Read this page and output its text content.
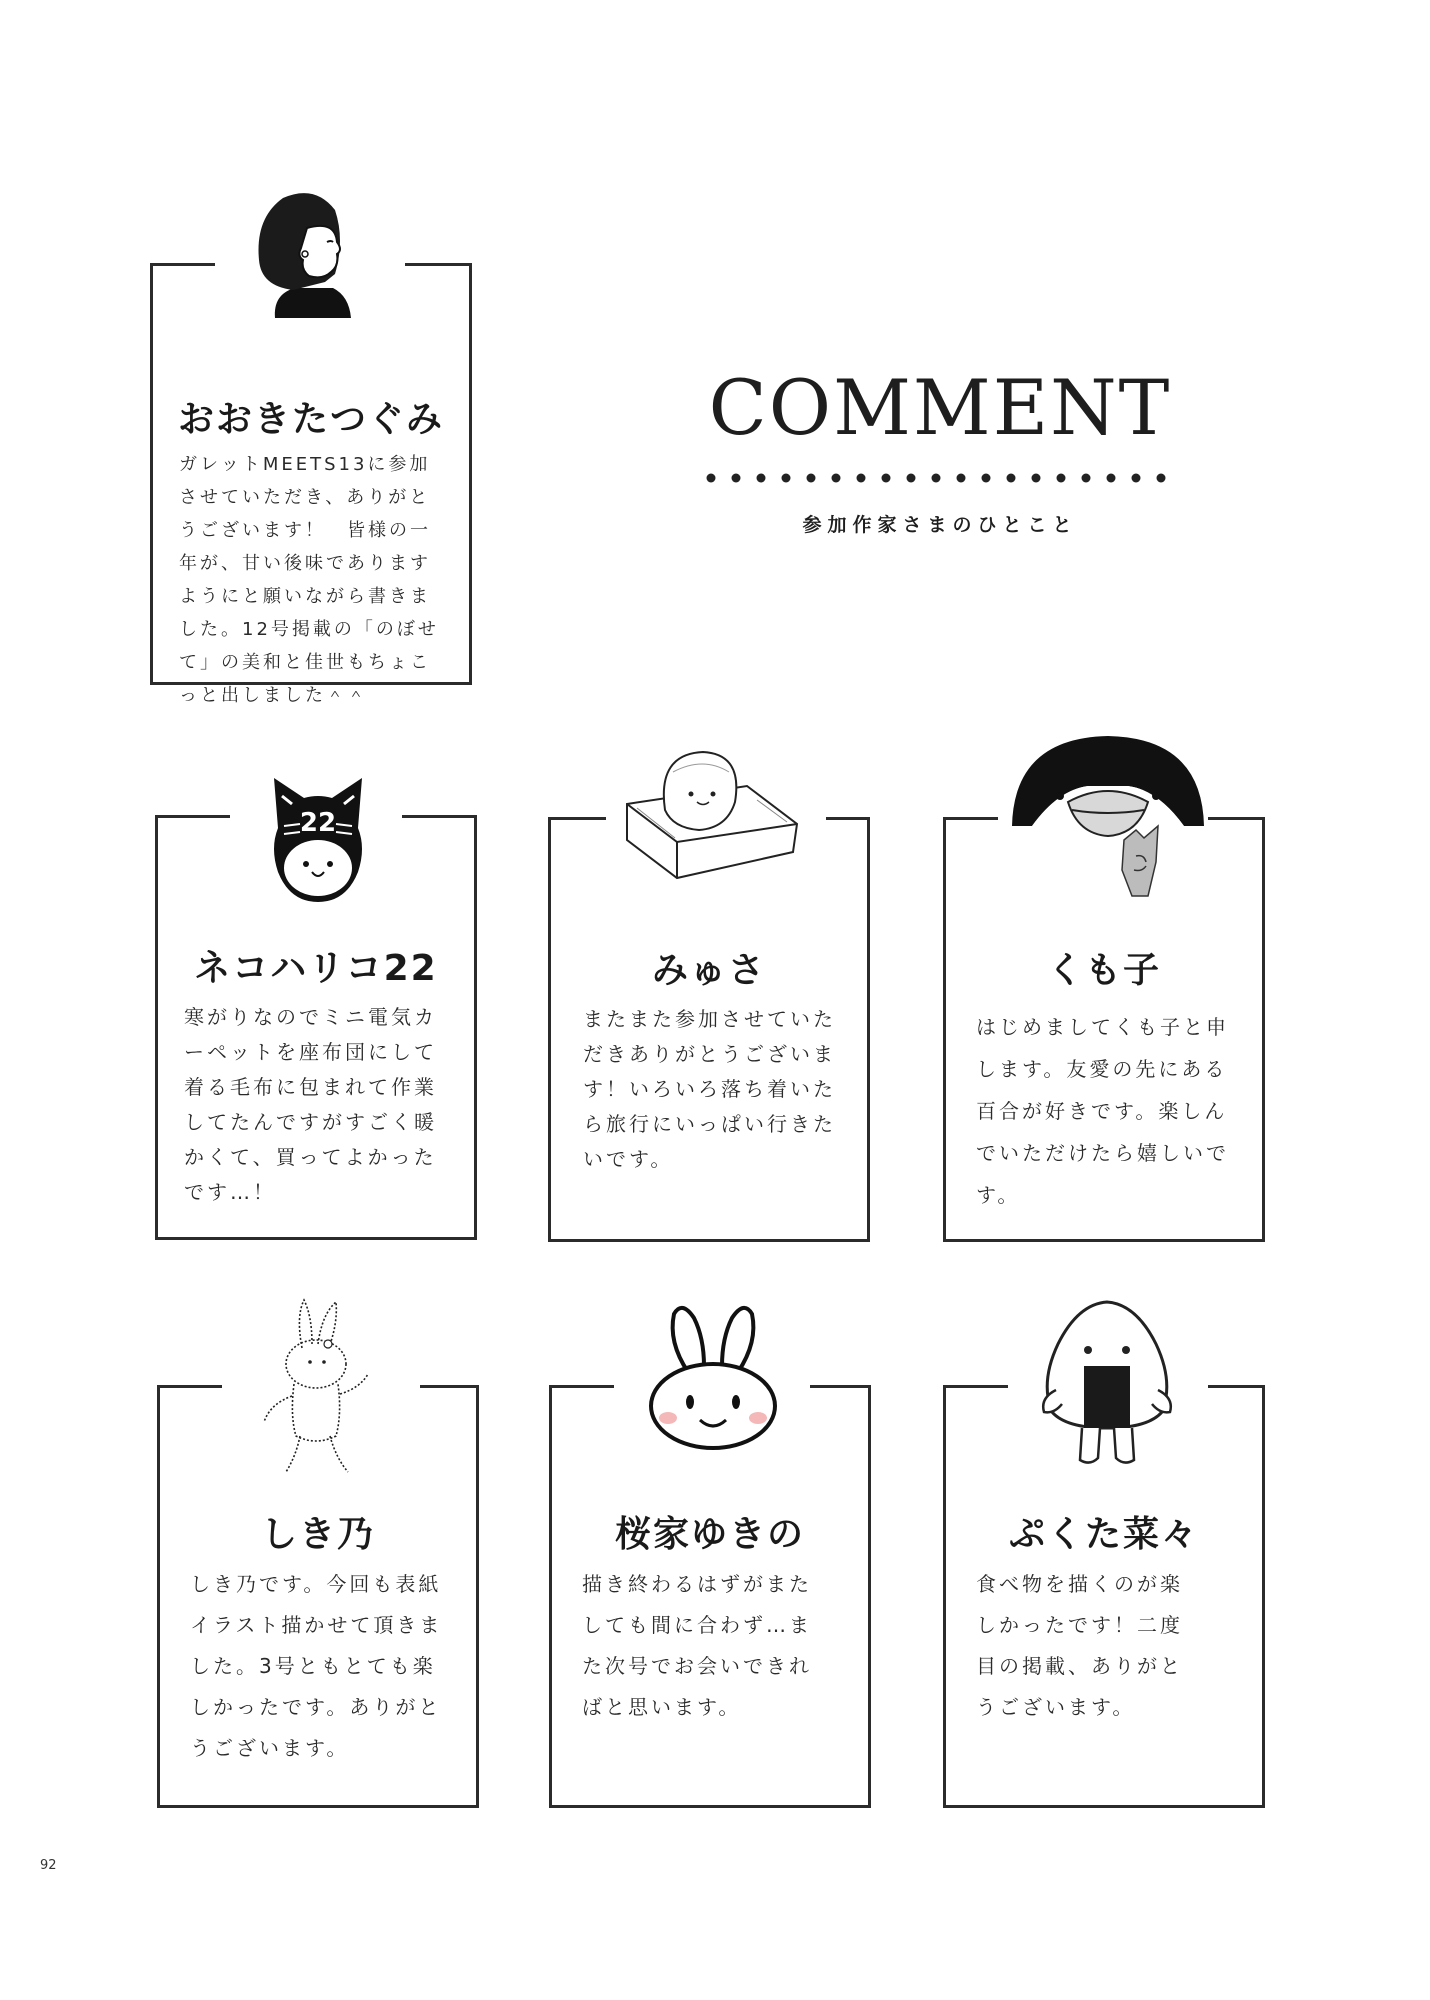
COMMENT
参加作家さまのひとこと
おおきたつぐみ
ガレットMEETS13に参加
させていただき、ありがと
うございます！　皆様の一
年が、甘い後味であります
ようにと願いながら書きま
した。12号掲載の「のぼせ
て」の美和と佳世もちょこ
っと出しました＾＾
22
ネコハリコ22
寒がりなのでミニ電気カ
ーペットを座布団にして
着る毛布に包まれて作業
してたんですがすごく暖
かくて、買ってよかった
です…！
みゅさ
またまた参加させていた
だきありがとうございま
す！いろいろ落ち着いた
ら旅行にいっぱい行きた
いです。
くも子
はじめましてくも子と申
します。友愛の先にある
百合が好きです。楽しん
でいただけたら嬉しいで
す。
しき乃
しき乃です。今回も表紙
イラスト描かせて頂きま
した。3号ともとても楽
しかったです。ありがと
うございます。
桜家ゆきの
描き終わるはずがまた
しても間に合わず…ま
た次号でお会いできれ
ばと思います。
ぷくた菜々
食べ物を描くのが楽
しかったです！二度
目の掲載、ありがと
うございます。
92
